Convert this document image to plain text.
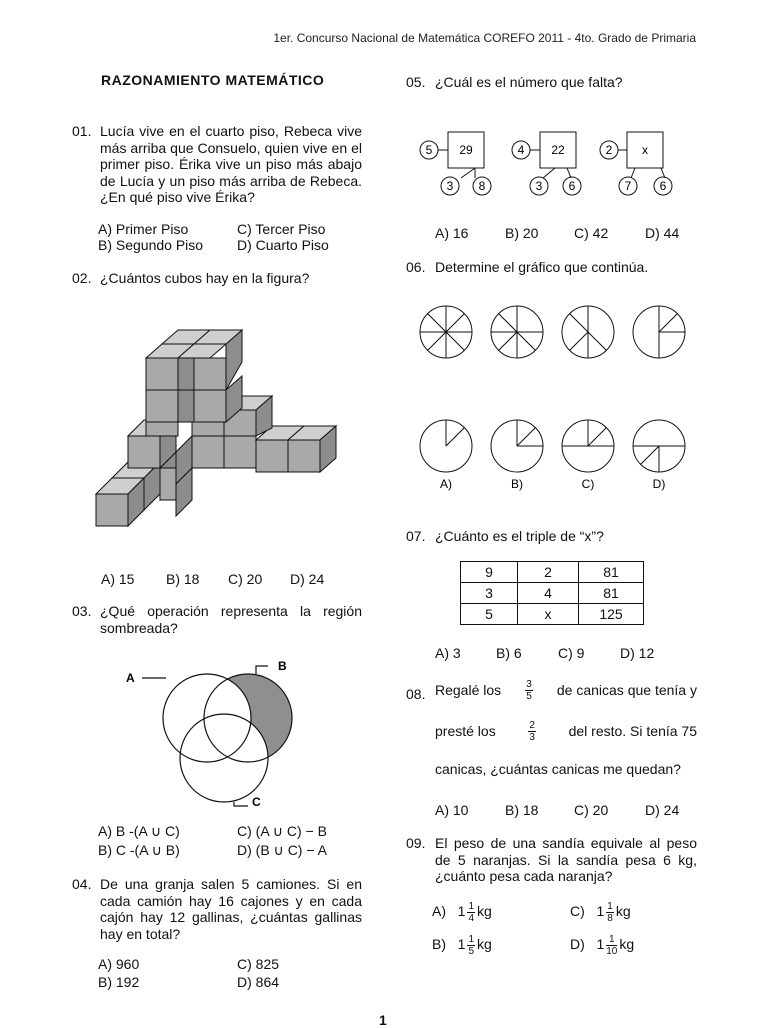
1er. Concurso Nacional de Matemática COREFO 2011 - 4to. Grado de Primaria
RAZONAMIENTO MATEMÁTICO
01. Lucía vive en el cuarto piso, Rebeca vive más arriba que Consuelo, quien vive en el primer piso. Érika vive un piso más abajo de Lucía y un piso más arriba de Rebeca. ¿En qué piso vive Érika?
A) Primer Piso	C) Tercer Piso
B) Segundo Piso D) Cuarto Piso
02. ¿Cuántos cubos hay en la figura?
A) 15 B) 18 C) 20 D) 24
03. ¿Qué operación representa la región sombreada?
A
B
C
A) B -(A ∪ C)	C) (A ∪ C) − B
B) C -(A ∪ B)	D) (B ∪ C) − A
04. De una granja salen 5 camiones. Si en cada camión hay 16 cajones y en cada cajón hay 12 gallinas, ¿cuántas gallinas hay en total?
A) 960	C) 825
B) 192	D) 864
05. ¿Cuál es el número que falta?
5 29
3 8
4 22
3 6
2 x
7 6
A) 16	B) 20	C) 42	D) 44
06. Determine el gráfico que continúa.
A)	B)	C)	D)
07. ¿Cuánto es el triple de “x”?
9	2	81
3	4	81
5	x	125
A) 3	B) 6	C) 9	D) 12
08. Regalé los $\frac{3}{5}$ de canicas que tenía y
presté los	$\frac{2}{3}$ del resto. Si tenía 75
canicas, ¿cuántas canicas me quedan?
A) 10	B) 18	C) 20	D) 24
09. El peso de una sandía equivale al peso de 5 naranjas. Si la sandía pesa 6 kg, ¿cuánto pesa cada naranja?
A) $1 \frac{1}{4}$ kg	C) $1 \frac{1}{8}$ kg
B) $1 \frac{1}{5}$ kg	D) $1 \frac{1}{10}$ kg
1
